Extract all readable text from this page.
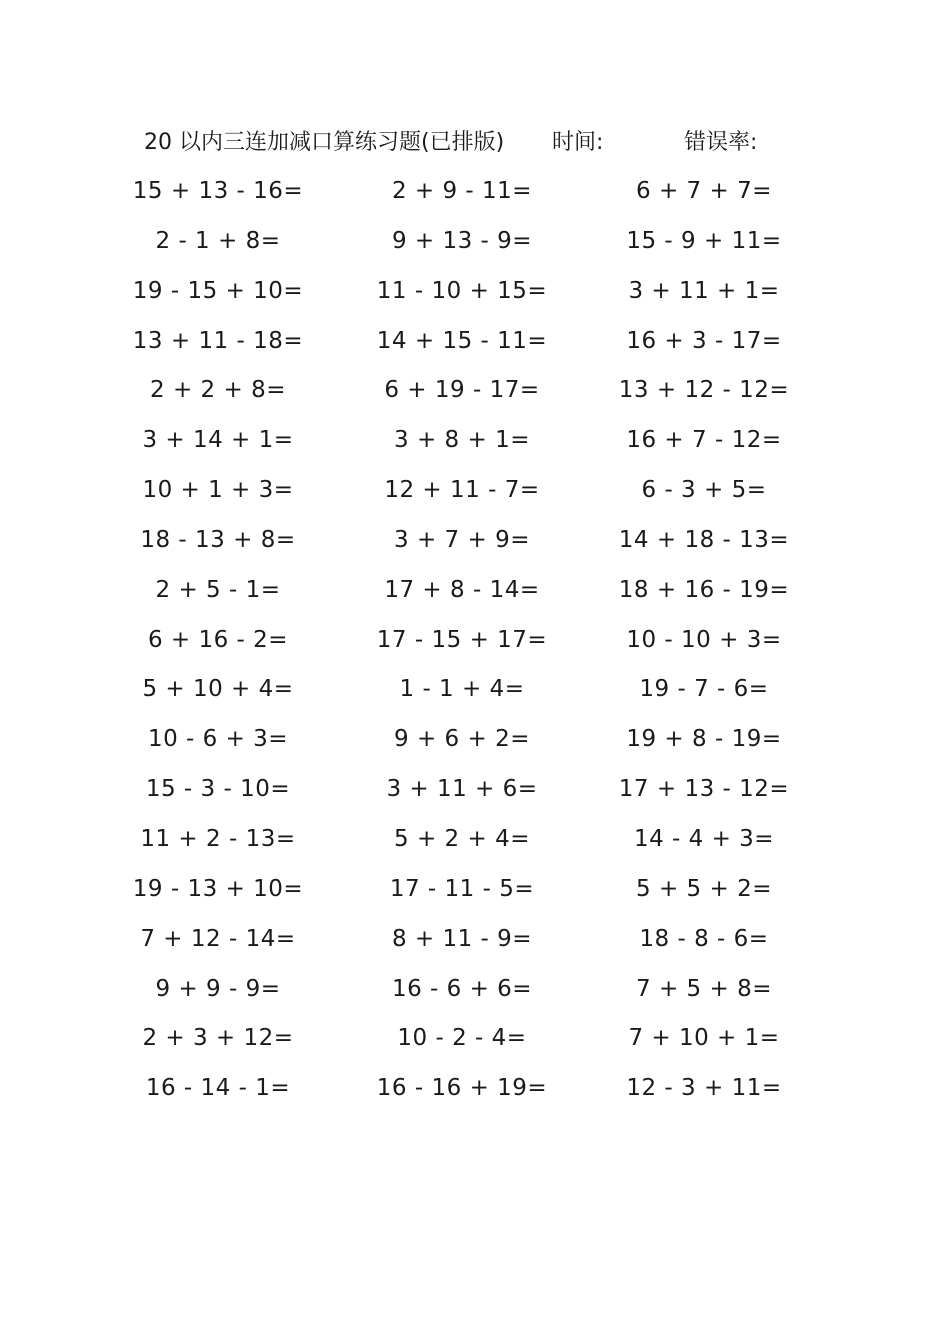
20 以内三连加减口算练习题(已排版) 时间:	错误率:
15 + 13 - 16=	2 + 9 - 11=	6 + 7 + 7=
2 - 1 + 8=	9 + 13 - 9=	15 - 9 + 11=
19 - 15 + 10=	11 - 10 + 15=	3 + 11 + 1=
13 + 11 - 18=	14 + 15 - 11=	16 + 3 - 17=
2 + 2 + 8=	6 + 19 - 17=	13 + 12 - 12=
3 + 14 + 1=	3 + 8 + 1=	16 + 7 - 12=
10 + 1 + 3=	12 + 11 - 7=	6 - 3 + 5=
18 - 13 + 8=	3 + 7 + 9=	14 + 18 - 13=
2 + 5 - 1=	17 + 8 - 14=	18 + 16 - 19=
6 + 16 - 2=	17 - 15 + 17=	10 - 10 + 3=
5 + 10 + 4=	1 - 1 + 4=	19 - 7 - 6=
10 - 6 + 3=	9 + 6 + 2=	19 + 8 - 19=
15 - 3 - 10=	3 + 11 + 6=	17 + 13 - 12=
11 + 2 - 13=	5 + 2 + 4=	14 - 4 + 3=
19 - 13 + 10=	17 - 11 - 5=	5 + 5 + 2=
7 + 12 - 14=	8 + 11 - 9=	18 - 8 - 6=
9 + 9 - 9=	16 - 6 + 6=	7 + 5 + 8=
2 + 3 + 12=	10 - 2 - 4=	7 + 10 + 1=
16 - 14 - 1=	16 - 16 + 19=	12 - 3 + 11=
